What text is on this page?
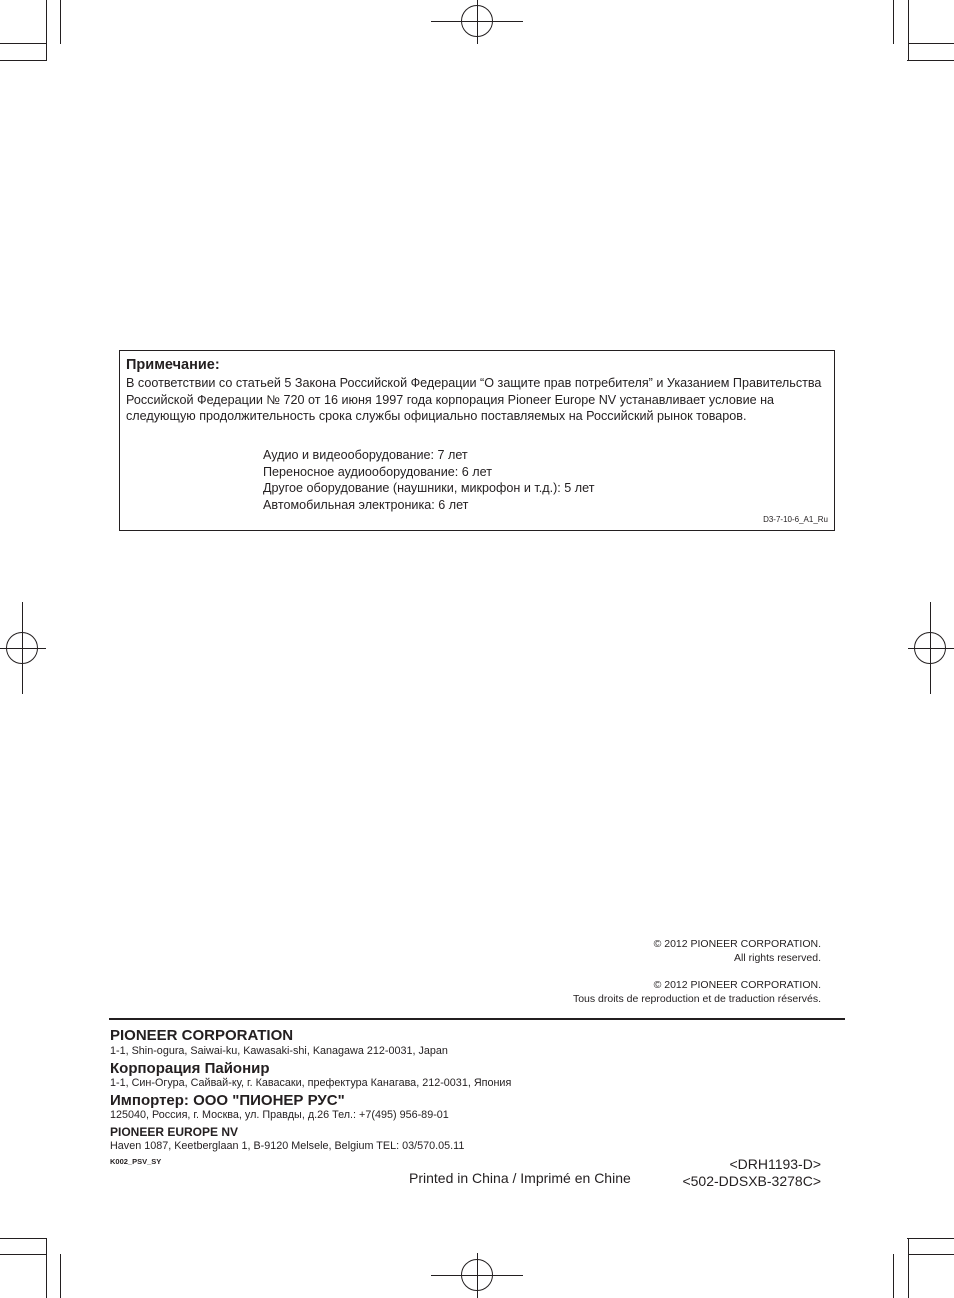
Примечание:
В соответствии со статьей 5 Закона Российской Федерации “О защите прав потребителя” и Указанием Правительства Российской Федерации № 720 от 16 июня 1997 года корпорация Pioneer Europe NV устанавливает условие на следующую продолжительность срока службы официально поставляемых на Российский рынок товаров.
Аудио и видеооборудование: 7 лет
Переносное аудиооборудование: 6 лет
Другое оборудование (наушники, микрофон и т.д.): 5 лет
Автомобильная электроника: 6 лет
D3-7-10-6_A1_Ru
© 2012 PIONEER CORPORATION.
All rights reserved.
© 2012 PIONEER CORPORATION.
Tous droits de reproduction et de traduction réservés.
PIONEER CORPORATION
1-1, Shin-ogura, Saiwai-ku, Kawasaki-shi, Kanagawa 212-0031, Japan
Корпорация Пайонир
1-1, Син-Огура, Сайвай-ку, г. Кавасаки, префектура Канагава, 212-0031, Япония
Импортер: ООО "ПИОНЕР РУС"
125040, Россия, г. Москва, ул. Правды, д.26 Тел.: +7(495) 956-89-01
PIONEER EUROPE NV
Haven 1087, Keetberglaan 1, B-9120 Melsele, Belgium TEL: 03/570.05.11
K002_PSV_SY
Printed in China / Imprimé en Chine
<DRH1193-D>
<502-DDSXB-3278C>
